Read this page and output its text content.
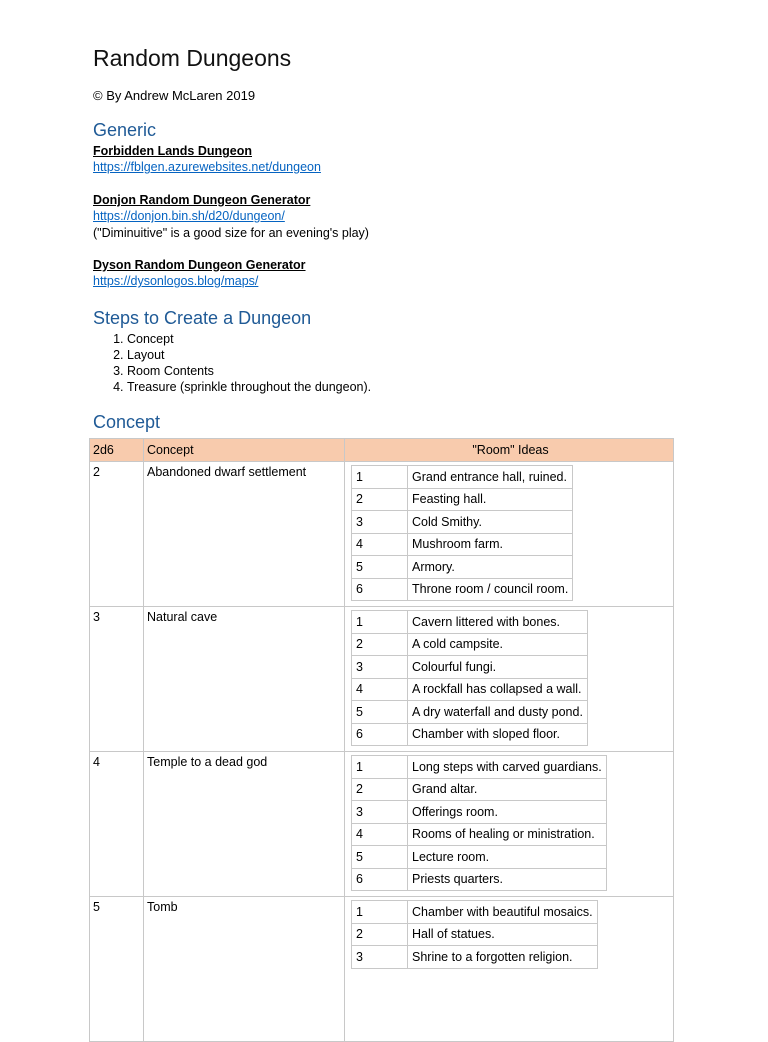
Random Dungeons
© By Andrew McLaren 2019
Generic
Forbidden Lands Dungeon
https://fblgen.azurewebsites.net/dungeon
Donjon Random Dungeon Generator
https://donjon.bin.sh/d20/dungeon/
("Diminuitive" is a good size for an evening's play)
Dyson Random Dungeon Generator
https://dysonlogos.blog/maps/
Steps to Create a Dungeon
1. Concept
2. Layout
3. Room Contents
4. Treasure (sprinkle throughout the dungeon).
Concept
2d6	Concept	"Room" Ideas
2	Abandoned dwarf settlement		1	Grand entrance hall, ruined.
2	Feasting hall.
3	Cold Smithy.
4	Mushroom farm.
5	Armory.
6	Throne room / council room.

3	Natural cave		1	Cavern littered with bones.
2	A cold campsite.
3	Colourful fungi.
4	A rockfall has collapsed a wall.
5	A dry waterfall and dusty pond.
6	Chamber with sloped floor.

4	Temple to a dead god		1	Long steps with carved guardians.
2	Grand altar.
3	Offerings room.
4	Rooms of healing or ministration.
5	Lecture room.
6	Priests quarters.

5	Tomb		1	Chamber with beautiful mosaics.
2	Hall of statues.
3	Shrine to a forgotten religion.
